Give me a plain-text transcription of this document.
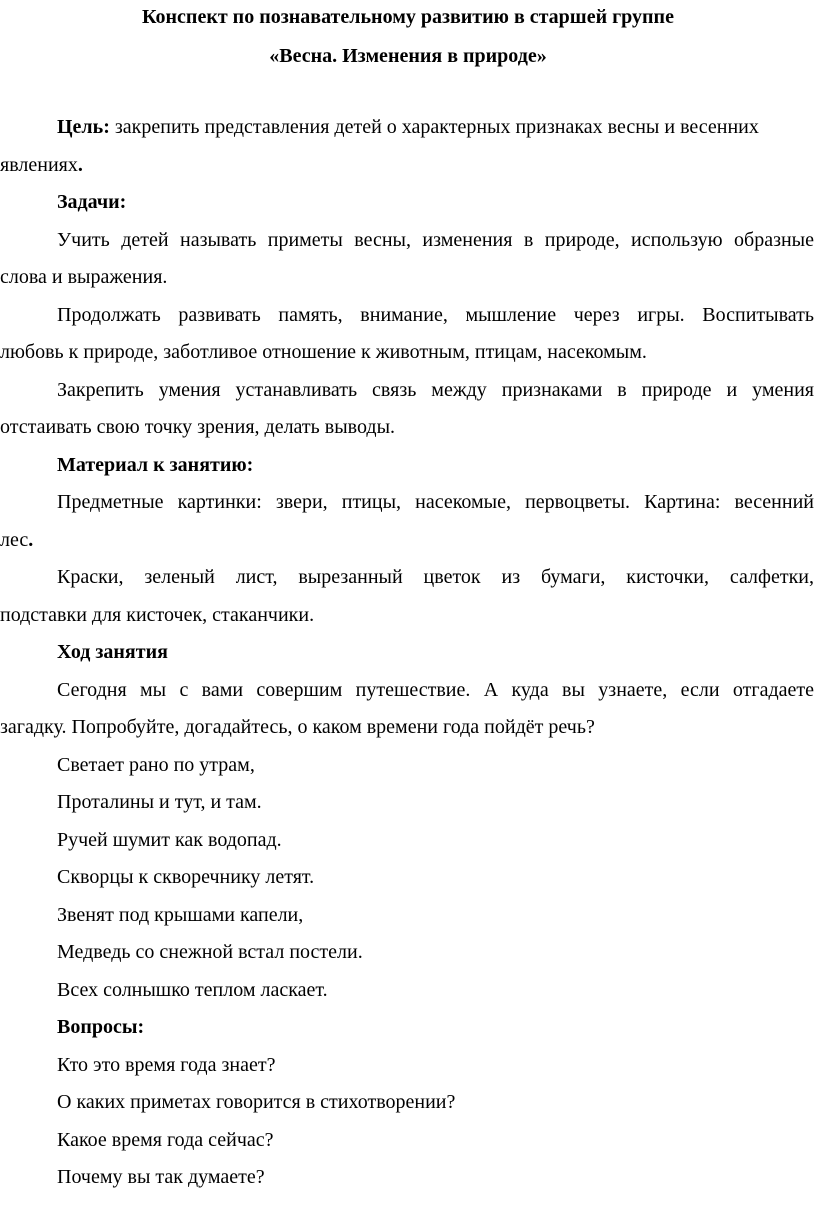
Конспект по познавательному развитию в старшей группе
«Весна. Изменения в природе»
Цель: закрепить представления детей о характерных признаках весны и весенних
явлениях.
Задачи:
Учить детей называть приметы весны, изменения в природе, использую образные
слова и выражения.
Продолжать развивать память, внимание, мышление через игры. Воспитывать
любовь к природе, заботливое отношение к животным, птицам, насекомым.
Закрепить умения устанавливать связь между признаками в природе и умения
отстаивать свою точку зрения, делать выводы.
Материал к занятию:
Предметные картинки: звери, птицы, насекомые, первоцветы. Картина: весенний
лес.
Краски, зеленый лист, вырезанный цветок из бумаги, кисточки, салфетки,
подставки для кисточек, стаканчики.
Ход занятия
Сегодня мы с вами совершим путешествие. А куда вы узнаете, если отгадаете
загадку. Попробуйте, догадайтесь, о каком времени года пойдёт речь?
Светает рано по утрам,
Проталины и тут, и там.
Ручей шумит как водопад.
Скворцы к скворечнику летят.
Звенят под крышами капели,
Медведь со снежной встал постели.
Всех солнышко теплом ласкает.
Вопросы:
Кто это время года знает?
О каких приметах говорится в стихотворении?
Какое время года сейчас?
Почему вы так думаете?
